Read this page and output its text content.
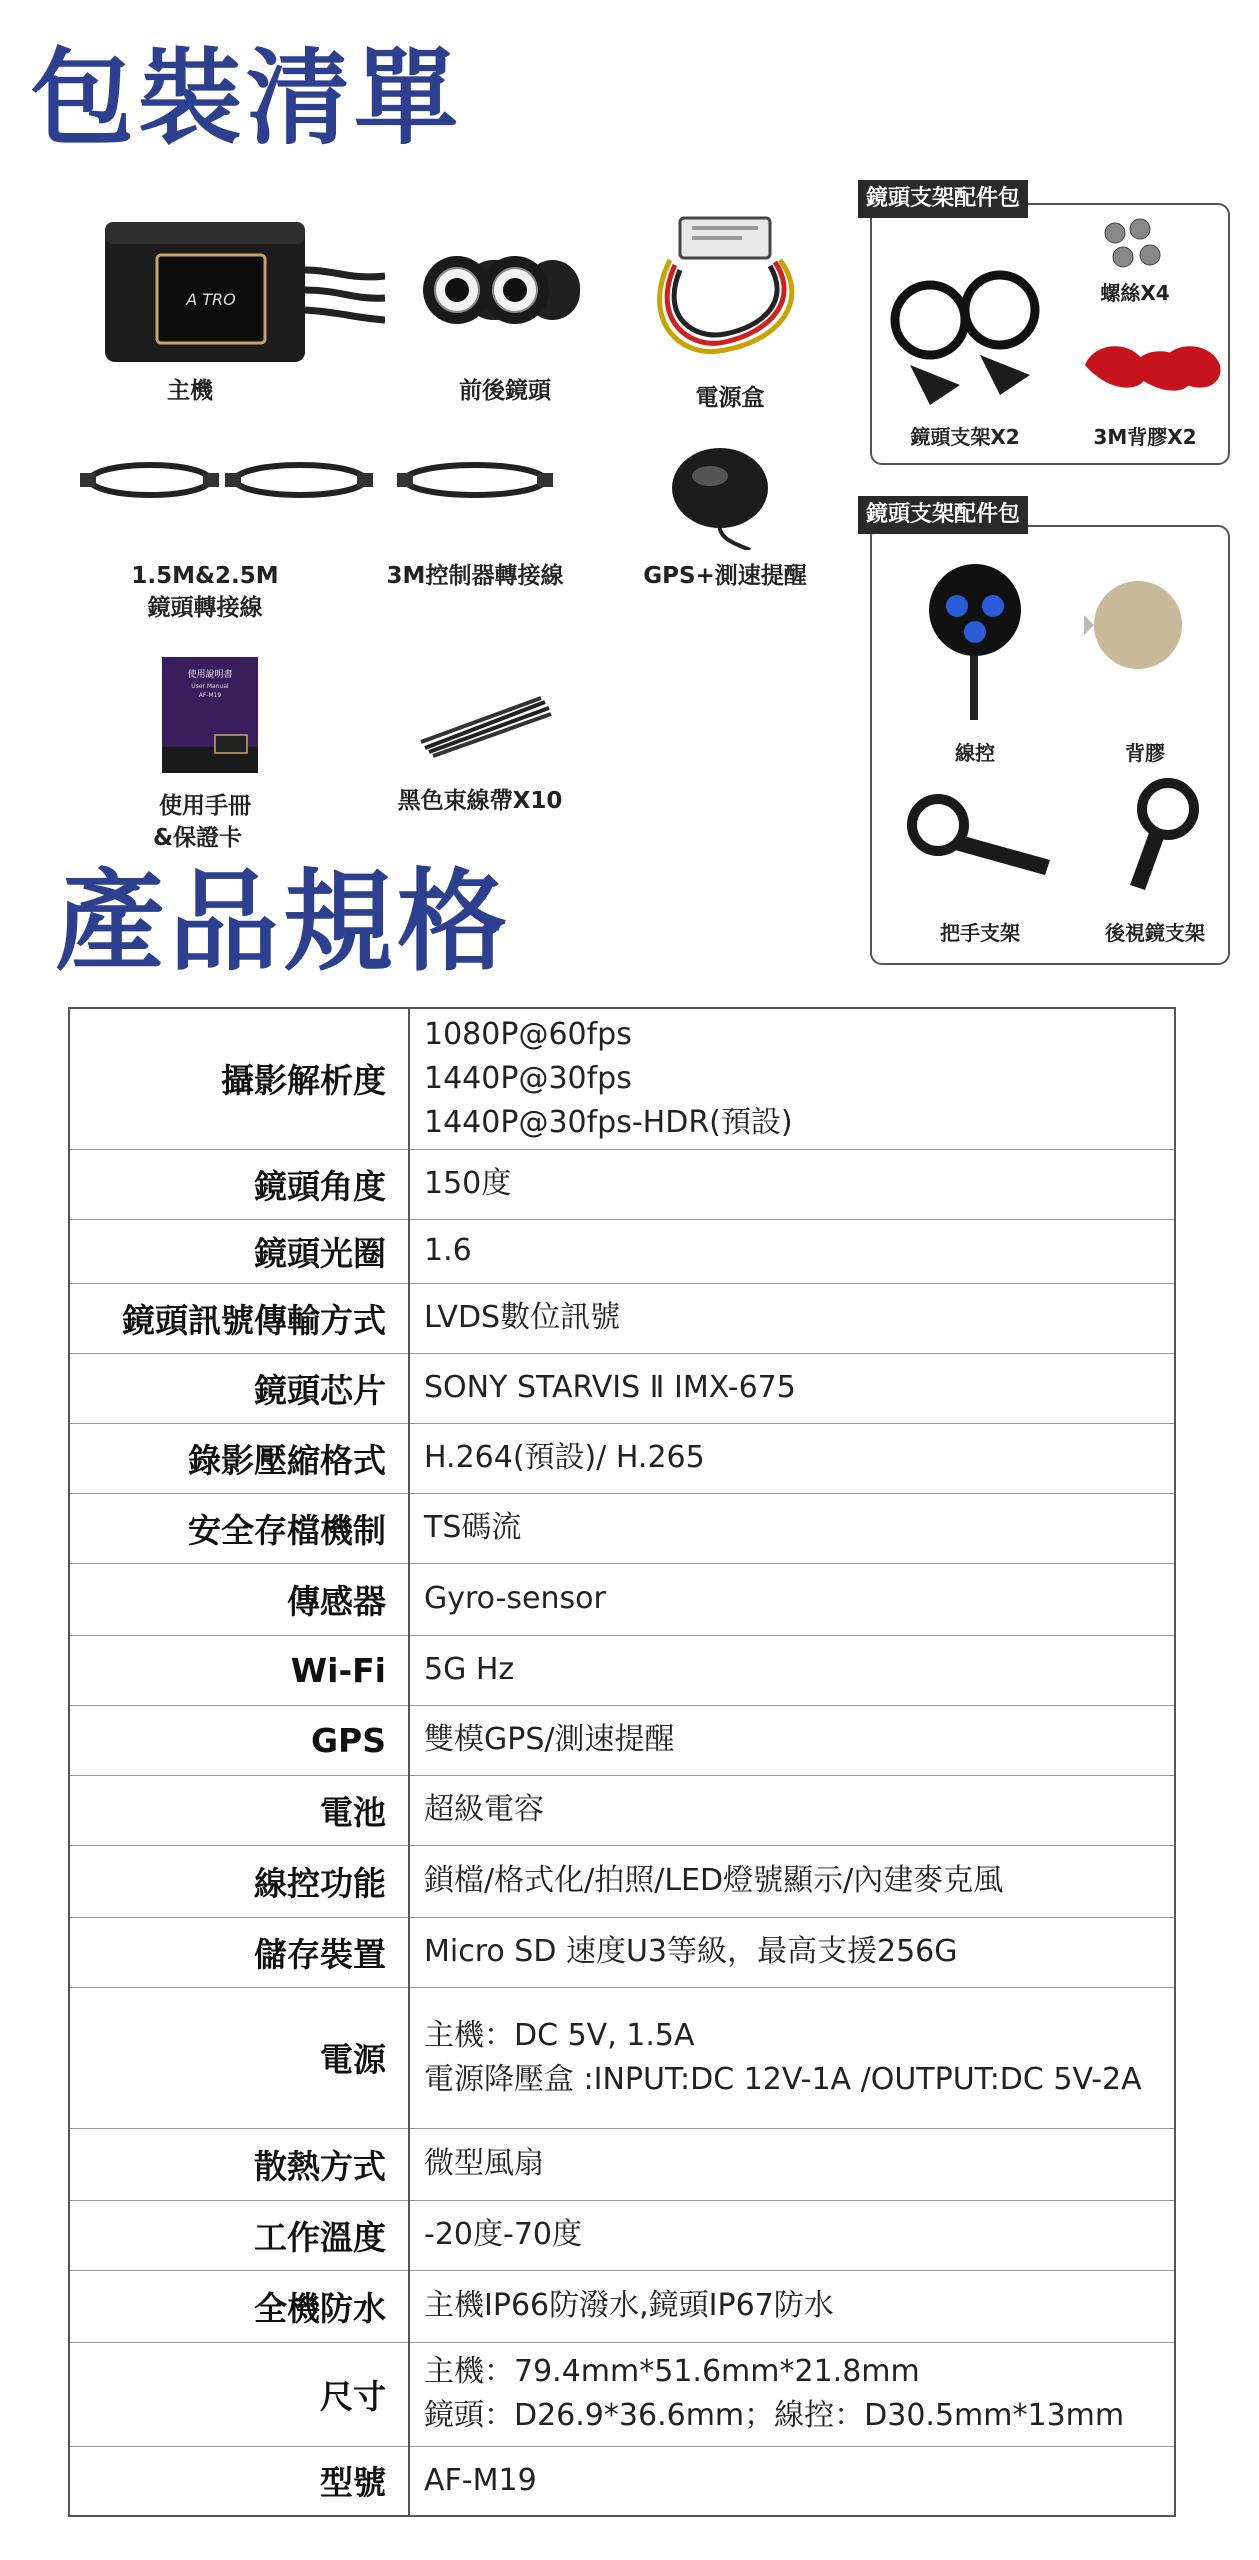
包裝清單
產品規格
A TRO
主機	前後鏡頭	電源盒
1.5M&2.5M
鏡頭轉接線
3M控制器轉接線	GPS+測速提醒
使用說明書
User Manual
AF-M19
使用手冊
&保證卡
黑色束線帶X10
鏡頭支架配件包
螺絲X4
鏡頭支架X2	3M背膠X2
鏡頭支架配件包
線控	背膠
把手支架	後視鏡支架
攝影解析度	1080P@60fps
1440P@30fps
1440P@30fps-HDR(預設)

鏡頭角度	150度

鏡頭光圈	1.6

鏡頭訊號傳輸方式	LVDS數位訊號

鏡頭芯片	SONY STARVIS Ⅱ IMX-675

錄影壓縮格式	H.264(預設)/ H.265

安全存檔機制	TS碼流

傳感器	Gyro-sensor

Wi-Fi	5G Hz

GPS	雙模GPS/測速提醒

電池	超級電容

線控功能	鎖檔/格式化/拍照/LED燈號顯示/內建麥克風

儲存裝置	Micro SD 速度U3等級，最高支援256G

電源	主機：DC 5V, 1.5A
電源降壓盒 :INPUT:DC 12V-1A /OUTPUT:DC 5V-2A

散熱方式	微型風扇

工作溫度	-20度-70度

全機防水	主機IP66防潑水,鏡頭IP67防水

尺寸	主機：79.4mm*51.6mm*21.8mm
鏡頭：D26.9*36.6mm；線控：D30.5mm*13mm

型號	AF-M19
